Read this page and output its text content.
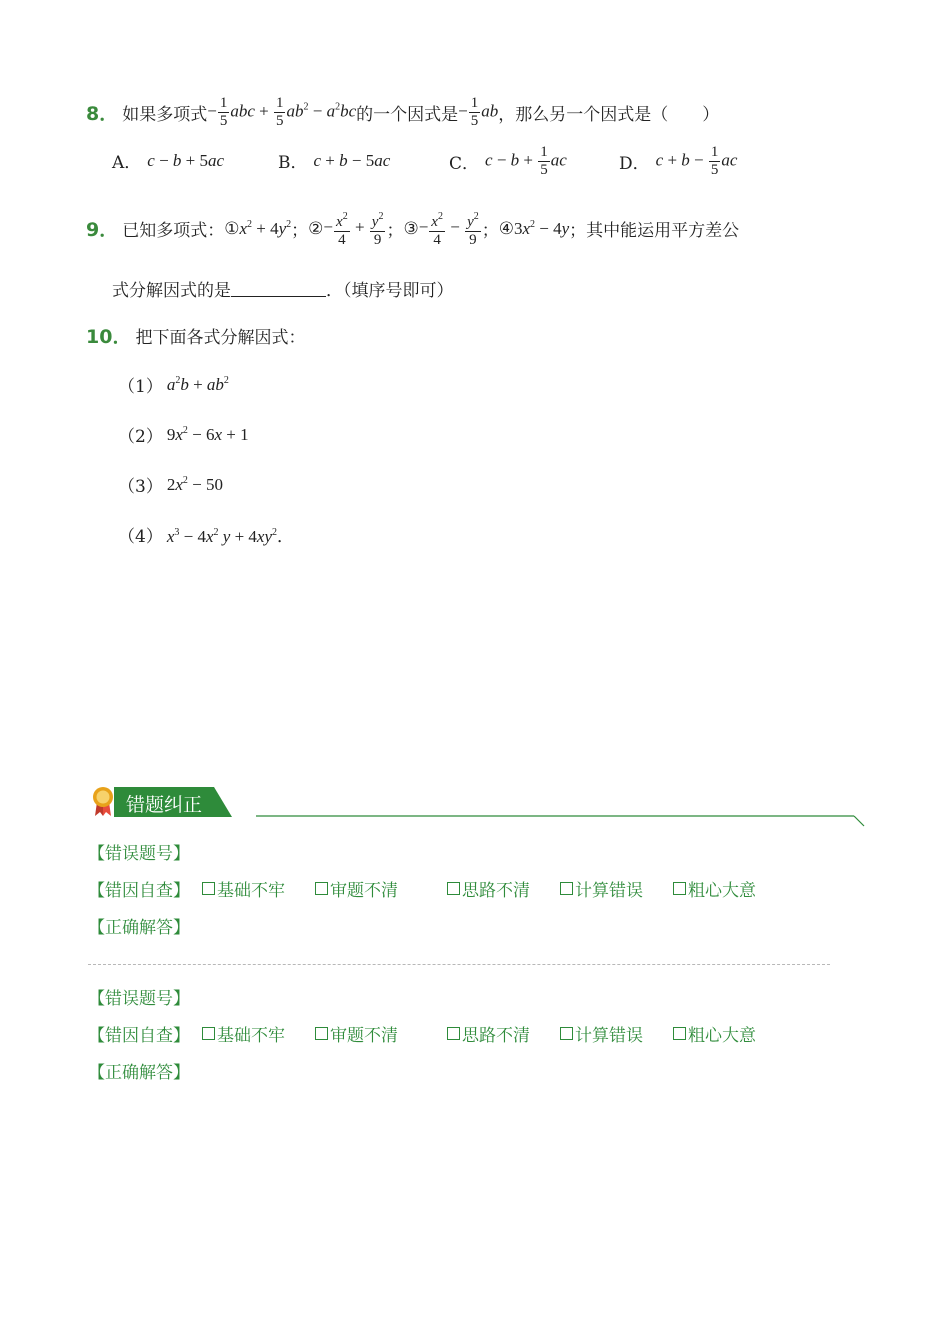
8． 如果多项式 − $\frac{1}{5}$ abc + $\frac{1}{5} ab^2 - a^2bc$ 的一个因式是 − $\frac{1}{5}$ ab ，那么另一个因式是（　　）
A． c − b + 5ac	B． c + b − 5ac	C． $c - b + \frac{1}{5}$ ac	D． $c + b - \frac{1}{5}$ ac
9． 已知多项式： ① $x^2 + 4y^2$ ； ② − $\frac{x^2}{4} + \frac{y^2}{9}$ ； ③ − $\frac{x^2}{4} - \frac{y^2}{9}$ ； ④ $3x^2 - 4y$ ；其中能运用平方差公
式分解因式的是	．（填序号即可）
10． 把下面各式分解因式：
（1） $a^2b + ab^2$
（2） $9x^2 - 6x + 1$
（3） $2x^2 - 50$
（4） $x^3 - 4x^2$ $y + 4xy^2$．
错题纠正
【错误题号】
【错因自查】 基础不牢	审题不清	思路不清	计算错误	粗心大意
【正确解答】
【错误题号】
【错因自查】 基础不牢	审题不清	思路不清	计算错误	粗心大意
【正确解答】
